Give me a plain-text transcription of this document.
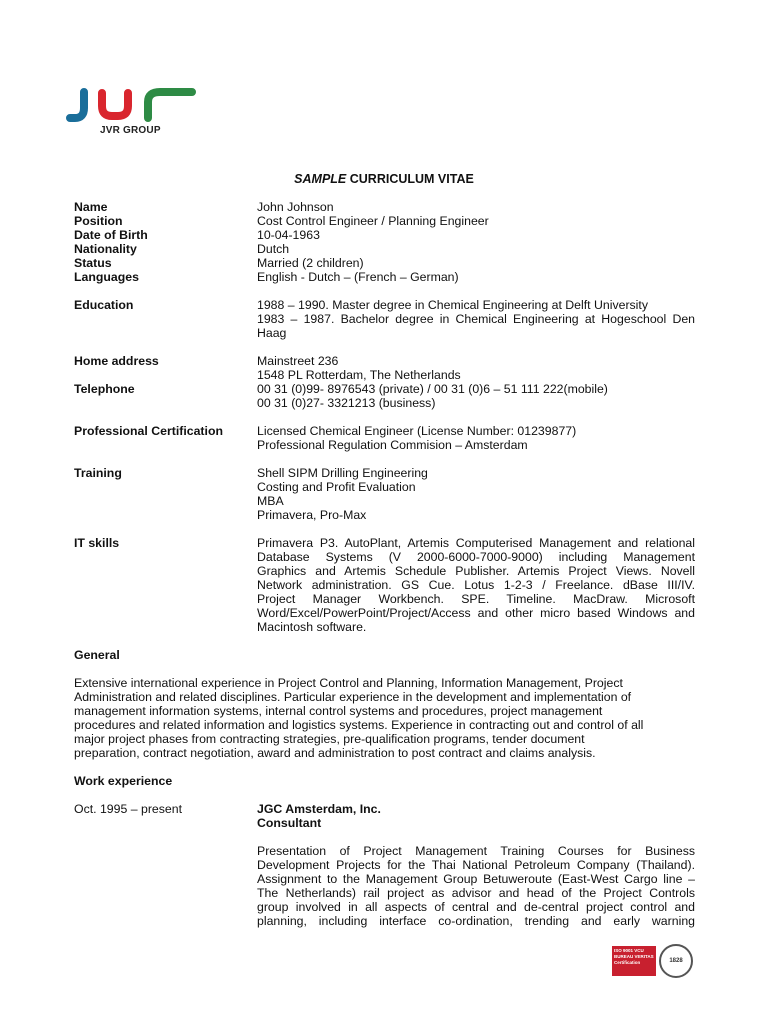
JVR GROUP
SAMPLE CURRICULUM VITAE
Name	John Johnson
Position	Cost Control Engineer / Planning Engineer
Date of Birth	10-04-1963
Nationality	Dutch
Status	Married (2 children)
Languages	English - Dutch – (French – German)
Education	1988 – 1990. Master degree in Chemical Engineering at Delft University
1983 – 1987. Bachelor degree in Chemical Engineering at Hogeschool Den
Haag
Home address	Mainstreet 236
1548 PL Rotterdam, The Netherlands
Telephone	00 31 (0)99- 8976543 (private) / 00 31 (0)6 – 51 111 222(mobile)
00 31 (0)27- 3321213 (business)
Professional Certification	Licensed Chemical Engineer (License Number: 01239877)
Professional Regulation Commision – Amsterdam
Training	Shell SIPM Drilling Engineering
Costing and Profit Evaluation
MBA
Primavera, Pro-Max
IT skills	Primavera P3. AutoPlant, Artemis Computerised Management and relational
Database Systems (V 2000-6000-7000-9000) including Management
Graphics and Artemis Schedule Publisher. Artemis Project Views. Novell
Network administration. GS Cue. Lotus 1-2-3 / Freelance. dBase III/IV.
Project Manager Workbench. SPE. Timeline. MacDraw. Microsoft
Word/Excel/PowerPoint/Project/Access and other micro based Windows and
Macintosh software.
General
Extensive international experience in Project Control and Planning, Information Management, Project
Administration and related disciplines. Particular experience in the development and implementation of
management information systems, internal control systems and procedures, project management
procedures and related information and logistics systems. Experience in contracting out and control of all
major project phases from contracting strategies, pre-qualification programs, tender document
preparation, contract negotiation, award and administration to post contract and claims analysis.
Work experience
Oct. 1995 – present	JGC Amsterdam, Inc.
Consultant
Presentation of Project Management Training Courses for Business
Development Projects for the Thai National Petroleum Company (Thailand).
Assignment to the Management Group Betuweroute (East-West Cargo line –
The Netherlands) rail project as advisor and head of the Project Controls
group involved in all aspects of central and de-central project control and
planning, including interface co-ordination, trending and early warning
ISO 9001 VCU
BUREAU VERITAS
Certification	1828
